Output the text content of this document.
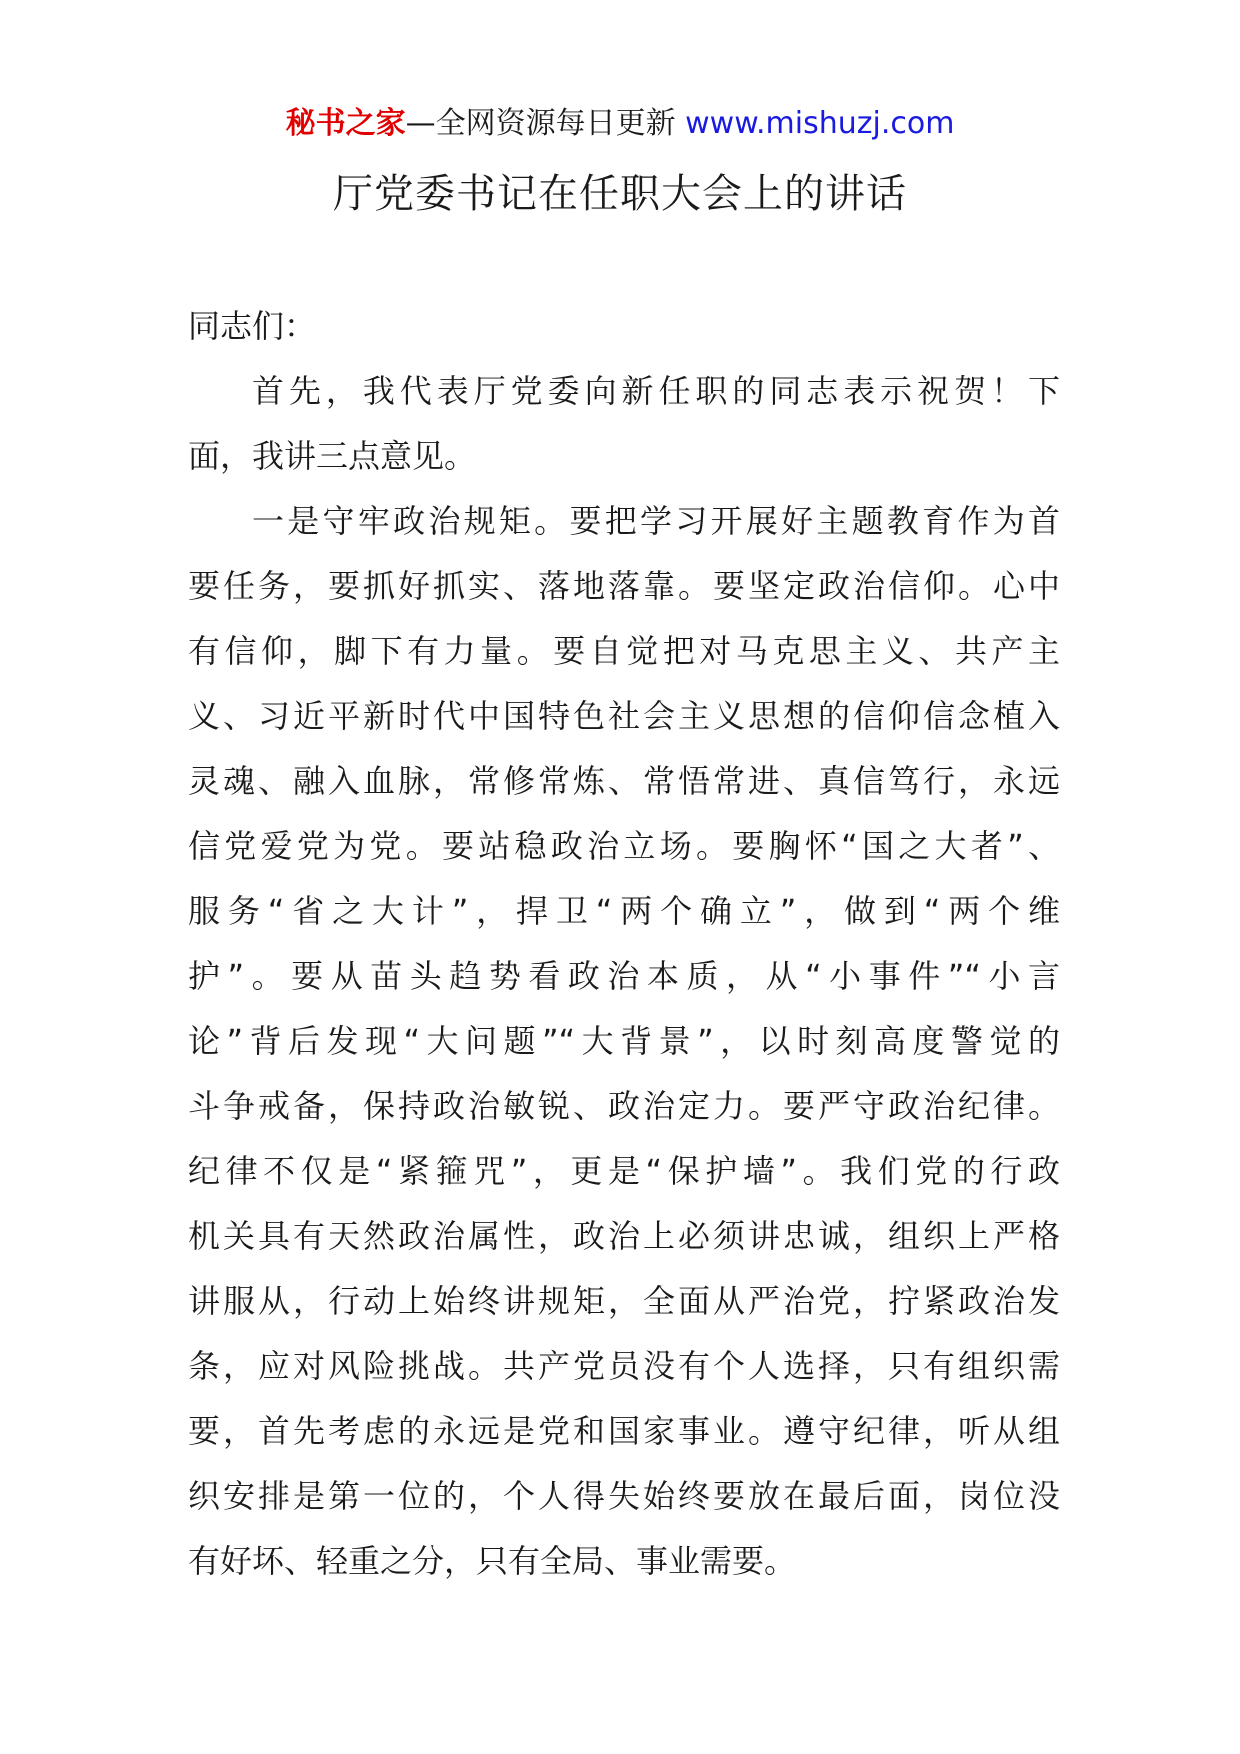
秘书之家—全网资源每日更新 www.mishuzj.com
厅党委书记在任职大会上的讲话

同志们：

首先，我代表厅党委向新任职的同志表示祝贺！下

面，我讲三点意见。

一是守牢政治规矩。要把学习开展好主题教育作为首

要任务，要抓好抓实、落地落靠。要坚定政治信仰。心中

有信仰，脚下有力量。要自觉把对马克思主义、共产主

义、习近平新时代中国特色社会主义思想的信仰信念植入

灵魂、融入血脉，常修常炼、常悟常进、真信笃行，永远

信党爱党为党。要站稳政治立场。要胸怀“国之大者”、

服务“省之大计”，捍卫“两个确立”，做到“两个维

护”。要从苗头趋势看政治本质，从“小事件”“小言

论”背后发现“大问题”“大背景”，以时刻高度警觉的

斗争戒备，保持政治敏锐、政治定力。要严守政治纪律。

纪律不仅是“紧箍咒”，更是“保护墙”。我们党的行政

机关具有天然政治属性，政治上必须讲忠诚，组织上严格

讲服从，行动上始终讲规矩，全面从严治党，拧紧政治发

条，应对风险挑战。共产党员没有个人选择，只有组织需

要，首先考虑的永远是党和国家事业。遵守纪律，听从组

织安排是第一位的，个人得失始终要放在最后面，岗位没

有好坏、轻重之分，只有全局、事业需要。
